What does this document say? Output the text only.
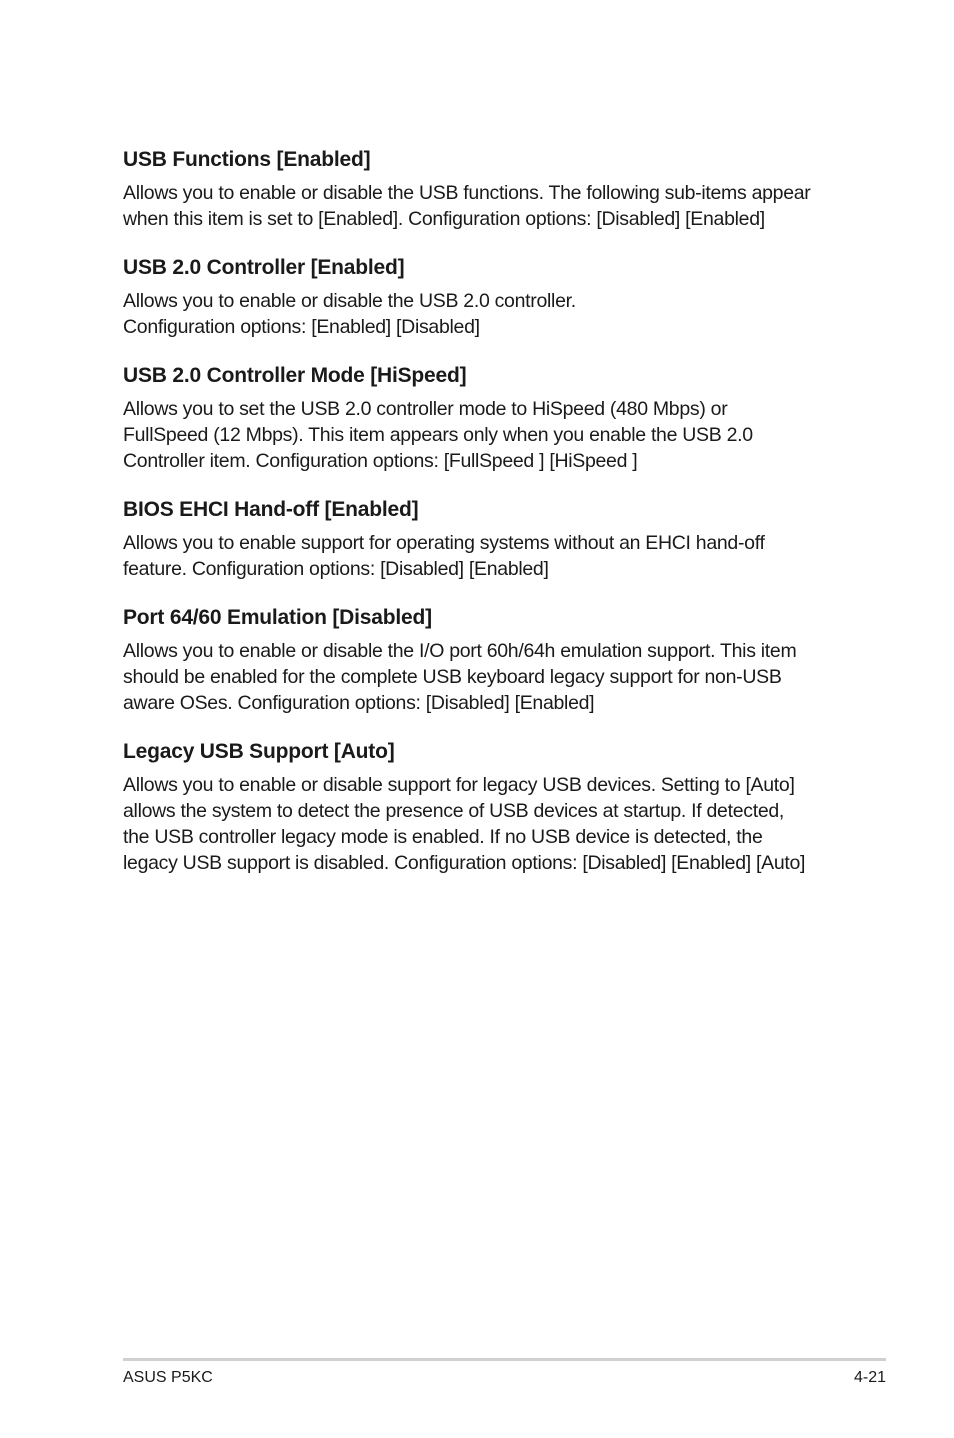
USB Functions [Enabled]

Allows you to enable or disable the USB functions. The following sub-items appear
when this item is set to [Enabled]. Configuration options: [Disabled] [Enabled]

USB 2.0 Controller [Enabled]

Allows you to enable or disable the USB 2.0 controller.
Configuration options: [Enabled] [Disabled]

USB 2.0 Controller Mode [HiSpeed]

Allows you to set the USB 2.0 controller mode to HiSpeed (480 Mbps) or
FullSpeed (12 Mbps). This item appears only when you enable the USB 2.0
Controller item. Configuration options: [FullSpeed ] [HiSpeed ]

BIOS EHCI Hand-off [Enabled]

Allows you to enable support for operating systems without an EHCI hand-off
feature. Configuration options: [Disabled] [Enabled]

Port 64/60 Emulation [Disabled]

Allows you to enable or disable the I/O port 60h/64h emulation support. This item
should be enabled for the complete USB keyboard legacy support for non-USB
aware OSes. Configuration options: [Disabled] [Enabled]

Legacy USB Support [Auto]

Allows you to enable or disable support for legacy USB devices. Setting to [Auto]
allows the system to detect the presence of USB devices at startup. If detected,
the USB controller legacy mode is enabled. If no USB device is detected, the
legacy USB support is disabled. Configuration options: [Disabled] [Enabled] [Auto]

ASUS P5KC	4-21
